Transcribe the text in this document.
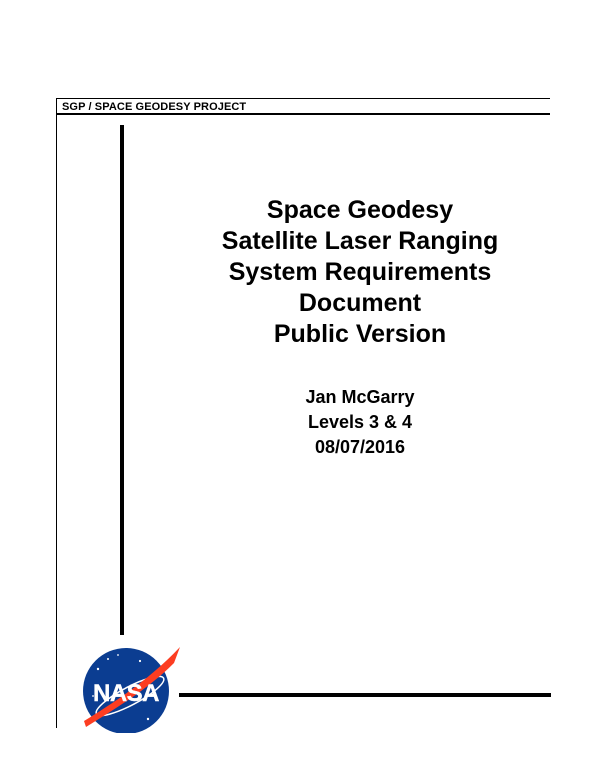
SGP / SPACE GEODESY PROJECT
Space Geodesy
Satellite Laser Ranging
System Requirements
Document
Public Version
Jan McGarry
Levels 3 & 4
08/07/2016
NASA
